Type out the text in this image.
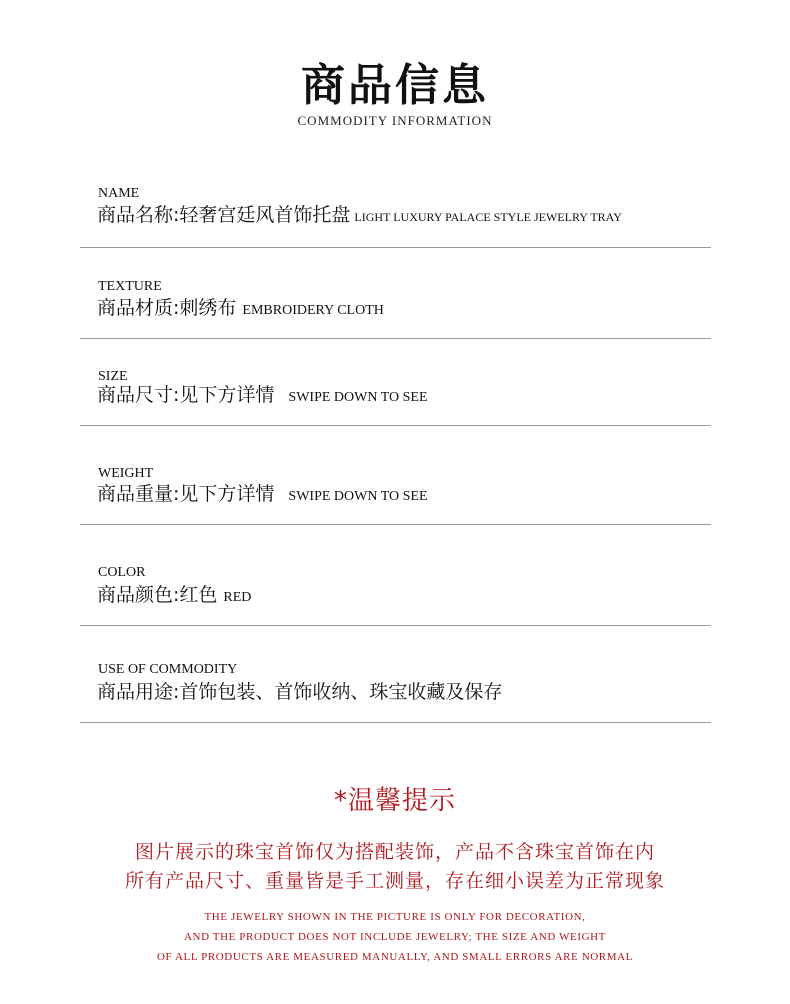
商品信息
COMMODITY INFORMATION
NAME
商品名称:轻奢宫廷风首饰托盘 LIGHT LUXURY PALACE STYLE JEWELRY TRAY
TEXTURE
商品材质:刺绣布 EMBROIDERY CLOTH
SIZE
商品尺寸:见下方详情 SWIPE DOWN TO SEE
WEIGHT
商品重量:见下方详情 SWIPE DOWN TO SEE
COLOR
商品颜色:红色 RED
USE OF COMMODITY
商品用途:首饰包装、首饰收纳、珠宝收藏及保存
*温馨提示
图片展示的珠宝首饰仅为搭配装饰，产品不含珠宝首饰在内
所有产品尺寸、重量皆是手工测量，存在细小误差为正常现象
THE JEWELRY SHOWN IN THE PICTURE IS ONLY FOR DECORATION,
AND THE PRODUCT DOES NOT INCLUDE JEWELRY; THE SIZE AND WEIGHT
OF ALL PRODUCTS ARE MEASURED MANUALLY, AND SMALL ERRORS ARE NORMAL
